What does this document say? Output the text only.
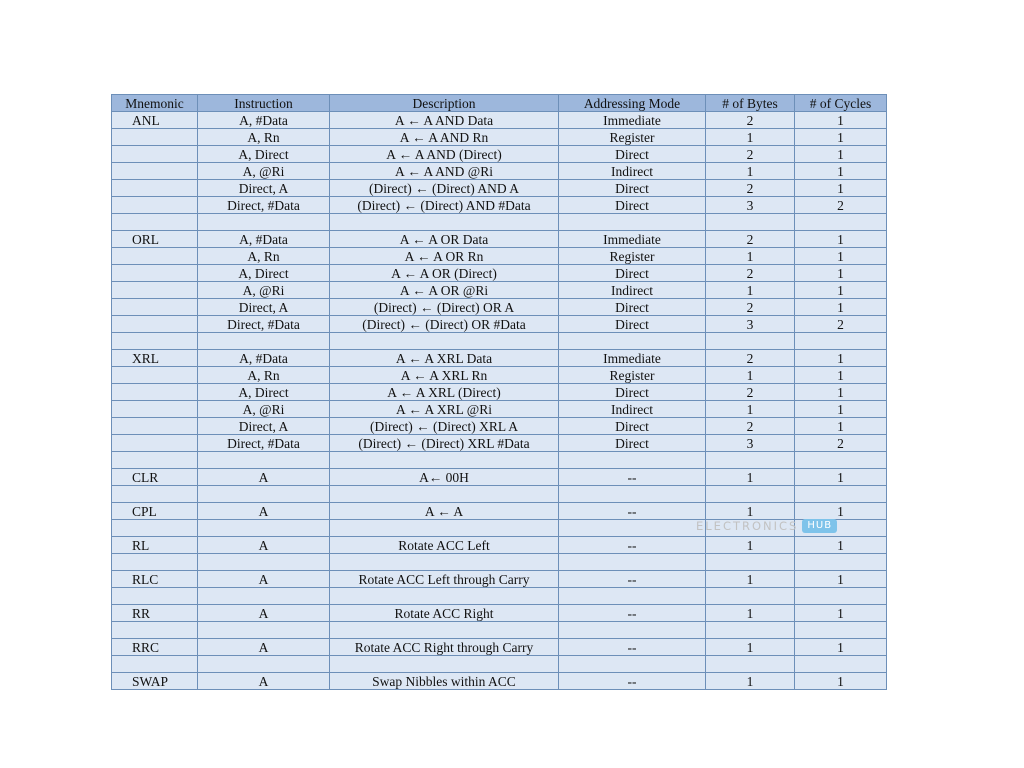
Mnemonic	Instruction	Description	Addressing Mode	# of Bytes	# of Cycles
ANL	A, #Data	A ← A AND Data	Immediate	2	1
	A, Rn	A ← A AND Rn	Register	1	1
	A, Direct	A ← A AND (Direct)	Direct	2	1
	A, @Ri	A ← A AND @Ri	Indirect	1	1
	Direct, A	(Direct) ← (Direct) AND A	Direct	2	1
	Direct, #Data	(Direct) ← (Direct) AND #Data	Direct	3	2

ORL	A, #Data	A ← A OR Data	Immediate	2	1
	A, Rn	A ← A OR Rn	Register	1	1
	A, Direct	A ← A OR (Direct)	Direct	2	1
	A, @Ri	A ← A OR @Ri	Indirect	1	1
	Direct, A	(Direct) ← (Direct) OR A	Direct	2	1
	Direct, #Data	(Direct) ← (Direct) OR #Data	Direct	3	2

XRL	A, #Data	A ← A XRL Data	Immediate	2	1
	A, Rn	A ← A XRL Rn	Register	1	1
	A, Direct	A ← A XRL (Direct)	Direct	2	1
	A, @Ri	A ← A XRL @Ri	Indirect	1	1
	Direct, A	(Direct) ← (Direct) XRL A	Direct	2	1
	Direct, #Data	(Direct) ← (Direct) XRL #Data	Direct	3	2

CLR	A	A← 00H	--	1	1

CPL	A	A ← A	--	1	1

RL	A	Rotate ACC Left	--	1	1

RLC	A	Rotate ACC Left through Carry	--	1	1

RR	A	Rotate ACC Right	--	1	1

RRC	A	Rotate ACC Right through Carry	--	1	1

SWAP	A	Swap Nibbles within ACC	--	1	1
ELECTRONICS HUB
